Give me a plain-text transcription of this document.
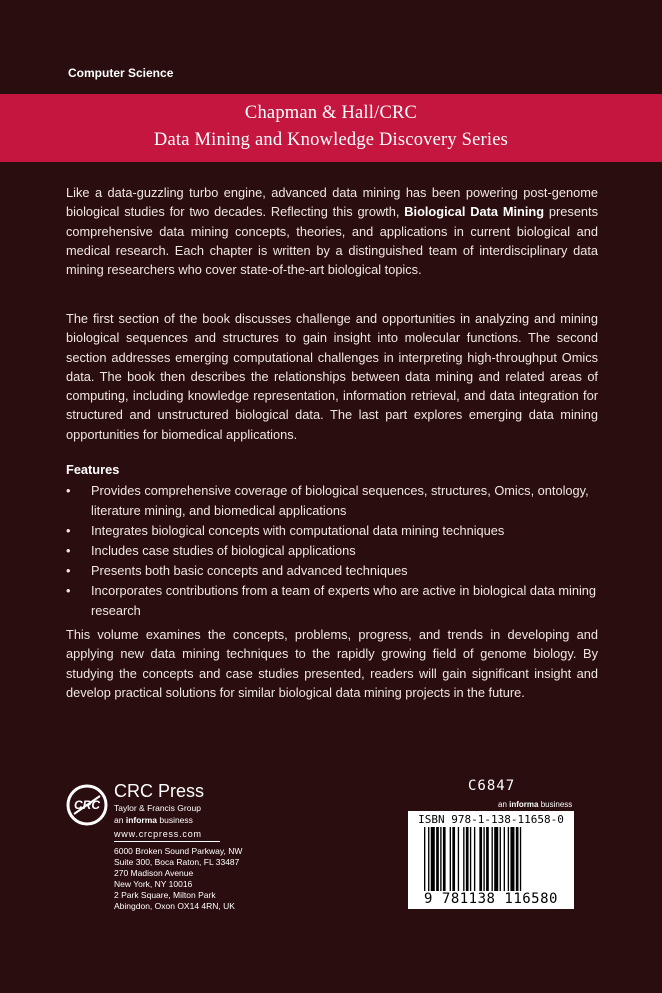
Computer Science
Chapman & Hall/CRC
Data Mining and Knowledge Discovery Series
Like a data-guzzling turbo engine, advanced data mining has been powering post-genome biological studies for two decades. Reflecting this growth, Biological Data Mining presents comprehensive data mining concepts, theories, and applications in current biological and medical research. Each chapter is written by a distinguished team of interdisciplinary data mining researchers who cover state-of-the-art biological topics.
The first section of the book discusses challenge and opportunities in analyzing and mining biological sequences and structures to gain insight into molecular functions. The second section addresses emerging computational challenges in interpreting high-throughput Omics data. The book then describes the relationships between data mining and related areas of computing, including knowledge representation, information retrieval, and data integration for structured and unstructured biological data. The last part explores emerging data mining opportunities for biomedical applications.
Features
• Provides comprehensive coverage of biological sequences, structures, Omics, ontology, literature mining, and biomedical applications
• Integrates biological concepts with computational data mining techniques
• Includes case studies of biological applications
• Presents both basic concepts and advanced techniques
• Incorporates contributions from a team of experts who are active in biological data mining research
This volume examines the concepts, problems, progress, and trends in developing and applying new data mining techniques to the rapidly growing field of genome biology. By studying the concepts and case studies presented, readers will gain significant insight and develop practical solutions for similar biological data mining projects in the future.
CRC
CRC Press
Taylor & Francis Group
an informa business
www.crcpress.com
6000 Broken Sound Parkway, NW
Suite 300, Boca Raton, FL 33487
270 Madison Avenue
New York, NY 10016
2 Park Square, Milton Park
Abingdon, Oxon OX14 4RN, UK
C6847
an informa business
ISBN 978-1-138-11658-0
9 781138 116580
